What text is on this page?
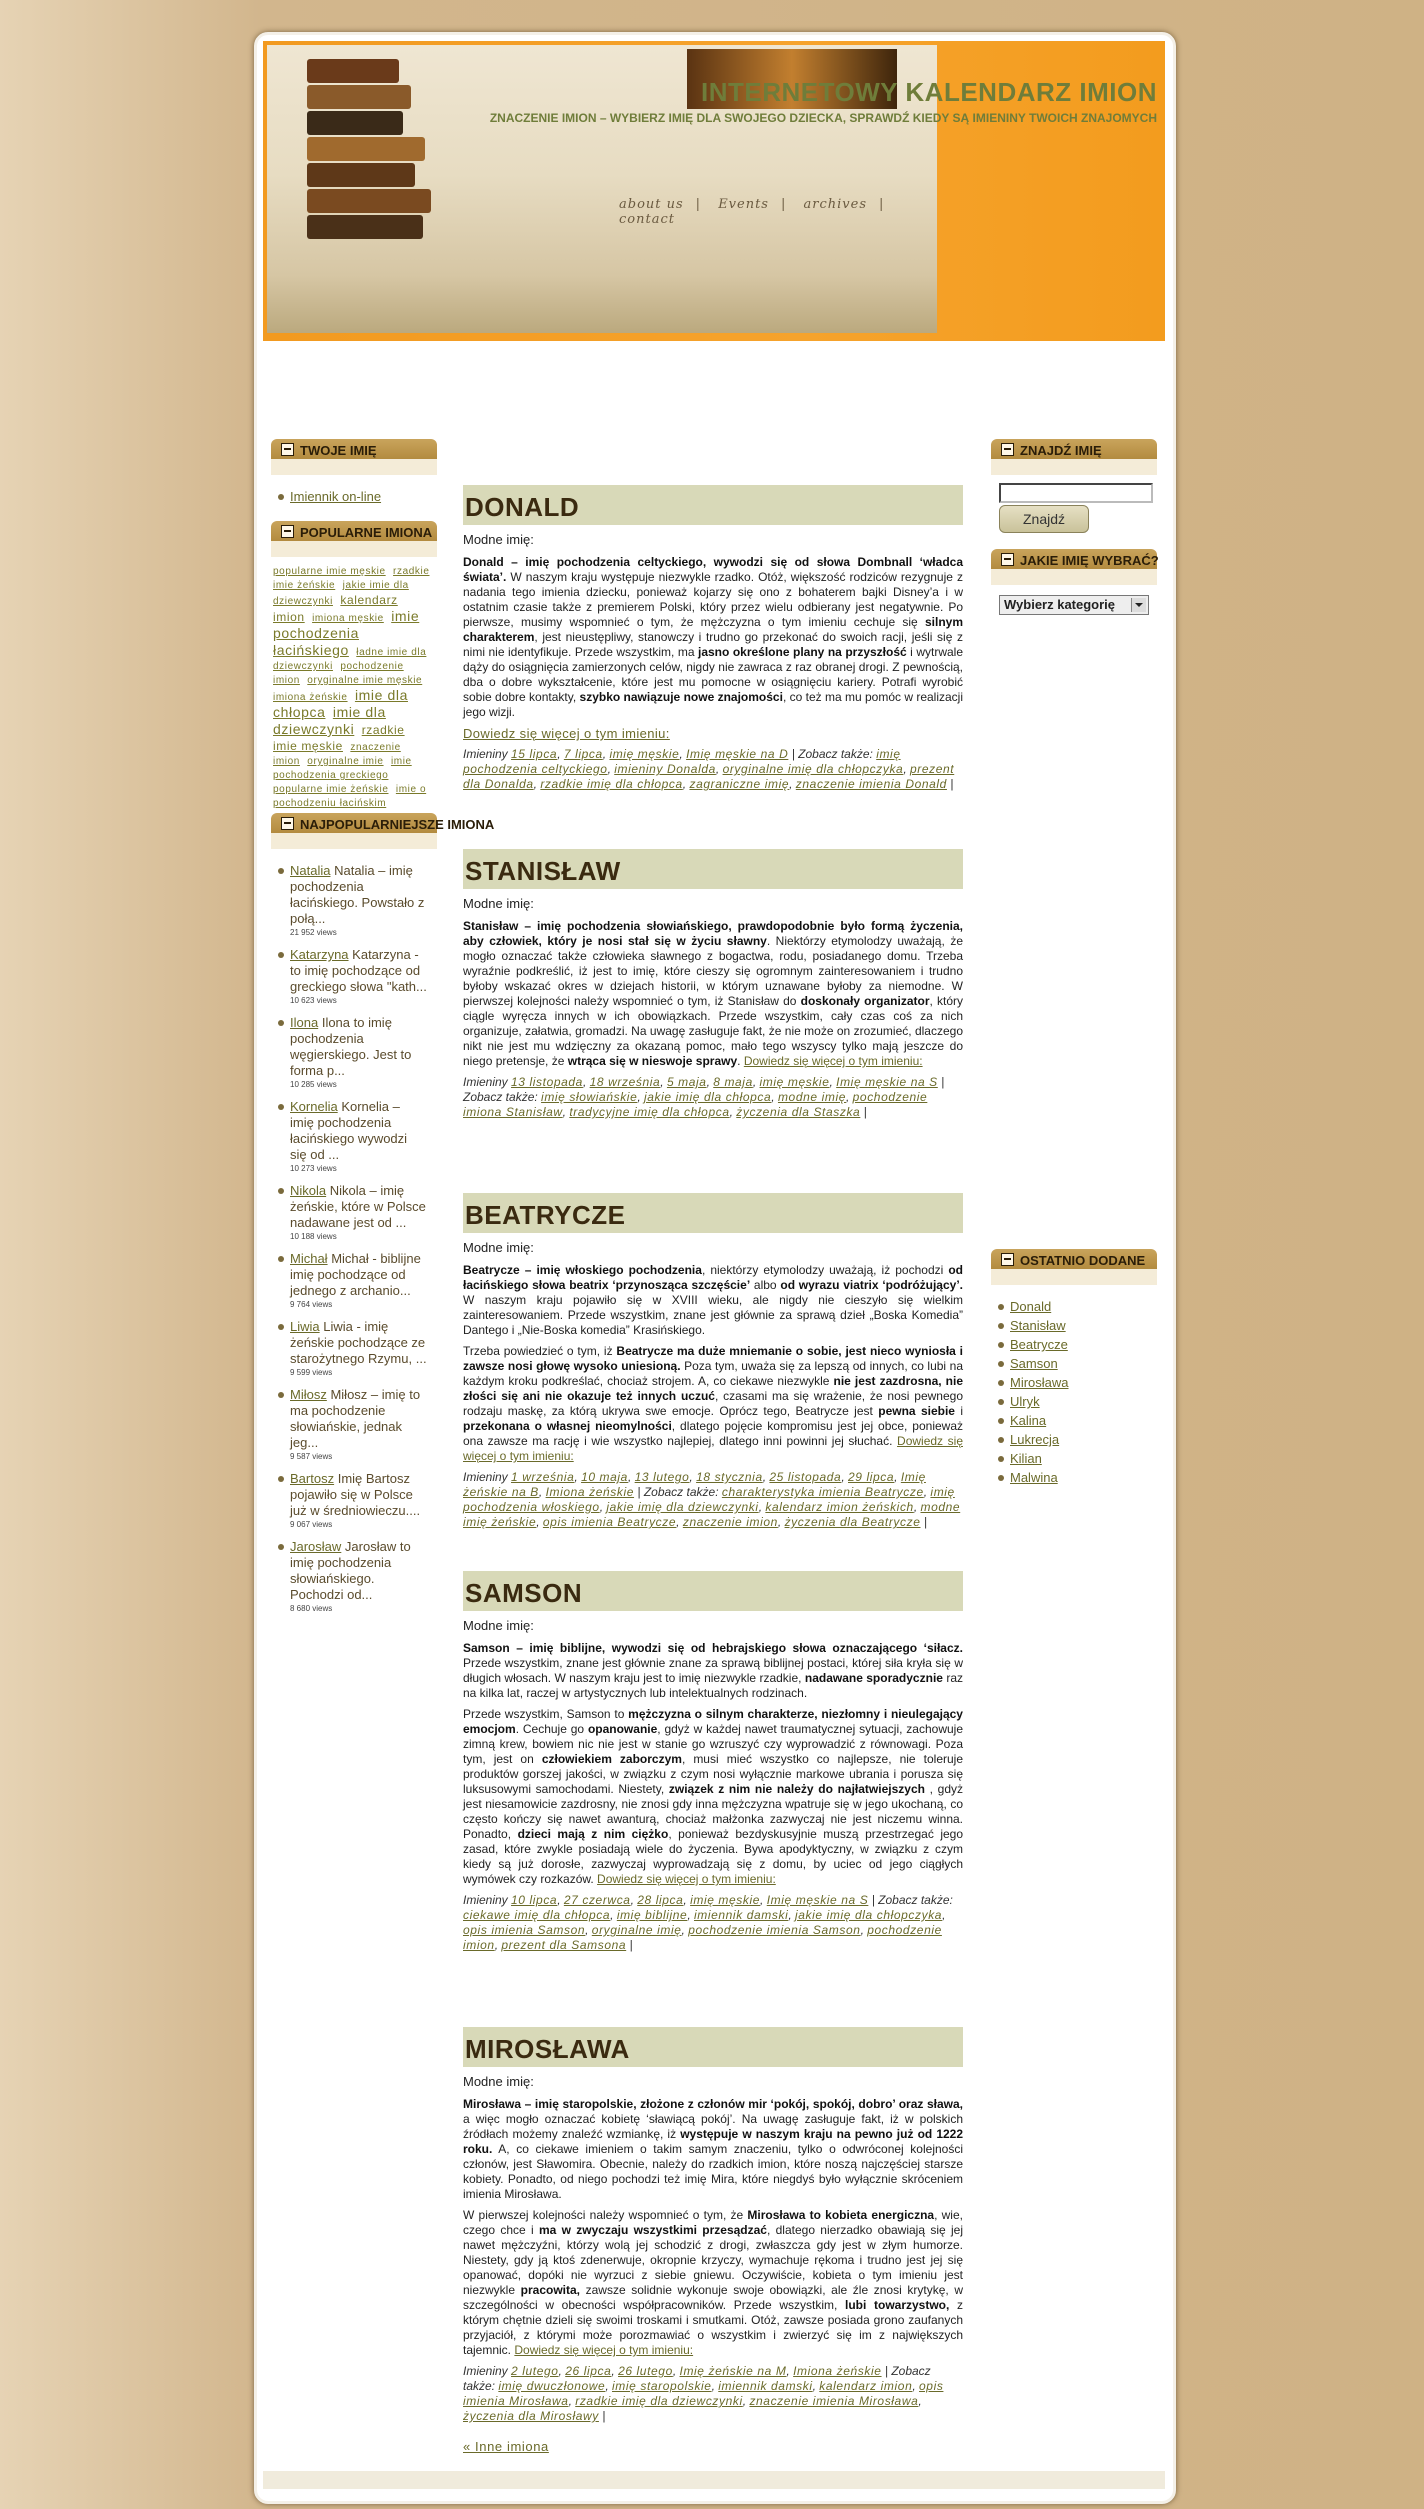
about us | Events | archives | contact
INTERNETOWY KALENDARZ IMION
ZNACZENIE IMION – WYBIERZ IMIĘ DLA SWOJEGO DZIECKA, SPRAWDŹ KIEDY SĄ IMIENINY TWOICH ZNAJOMYCH
TWOJE IMIĘ
Imiennik on-line
POPULARNE IMIONA
popularne imie męskie rzadkie imie żeńskie jakie imie dla dziewczynki kalendarz imion imiona męskie imie pochodzenia łacińskiego ładne imie dla dziewczynki pochodzenie imion oryginalne imie męskie imiona żeńskie imie dla chłopca imie dla dziewczynki rzadkie imie męskie znaczenie imion oryginalne imie imie pochodzenia greckiego popularne imie żeńskie imie o pochodzeniu łacińskim
NAJPOPULARNIEJSZE IMIONA
Natalia Natalia – imię pochodzenia łacińskiego. Powstało z połą...
21 952 views
Katarzyna Katarzyna - to imię pochodzące od greckiego słowa "kath...
10 623 views
Ilona Ilona to imię pochodzenia węgierskiego. Jest to forma p...
10 285 views
Kornelia Kornelia – imię pochodzenia łacińskiego wywodzi się od ...
10 273 views
Nikola Nikola – imię żeńskie, które w Polsce nadawane jest od ...
10 188 views
Michał Michał - biblijne imię pochodzące od jednego z archanio...
9 764 views
Liwia Liwia - imię żeńskie pochodzące ze starożytnego Rzymu, ...
9 599 views
Miłosz Miłosz – imię to ma pochodzenie słowiańskie, jednak jeg...
9 587 views
Bartosz Imię Bartosz pojawiło się w Polsce już w średniowieczu....
9 067 views
Jarosław Jarosław to imię pochodzenia słowiańskiego. Pochodzi od...
8 680 views
DONALD
Modne imię:

Donald – imię pochodzenia celtyckiego, wywodzi się od słowa Dombnall ‘władca świata’. W naszym kraju występuje niezwykle rzadko. Otóż, większość rodziców rezygnuje z nadania tego imienia dziecku, ponieważ kojarzy się ono z bohaterem bajki Disney’a i w ostatnim czasie także z premierem Polski, który przez wielu odbierany jest negatywnie. Po pierwsze, musimy wspomnieć o tym, że mężczyzna o tym imieniu cechuje się silnym charakterem, jest nieustępliwy, stanowczy i trudno go przekonać do swoich racji, jeśli się z nimi nie identyfikuje. Przede wszystkim, ma jasno określone plany na przyszłość i wytrwale dąży do osiągnięcia zamierzonych celów, nigdy nie zawraca z raz obranej drogi. Z pewnością, dba o dobre wykształcenie, które jest mu pomocne w osiągnięciu kariery. Potrafi wyrobić sobie dobre kontakty, szybko nawiązuje nowe znajomości, co też ma mu pomóc w realizacji jego wizji.

Dowiedz się więcej o tym imieniu:
Imieniny 15 lipca, 7 lipca, imię męskie, Imię męskie na D | Zobacz także: imię pochodzenia celtyckiego, imieniny Donalda, oryginalne imię dla chłopczyka, prezent dla Donalda, rzadkie imię dla chłopca, zagraniczne imię, znaczenie imienia Donald |
STANISŁAW
Modne imię:

Stanisław – imię pochodzenia słowiańskiego, prawdopodobnie było formą życzenia, aby człowiek, który je nosi stał się w życiu sławny. Niektórzy etymolodzy uważają, że mogło oznaczać także człowieka sławnego z bogactwa, rodu, posiadanego domu. Trzeba wyraźnie podkreślić, iż jest to imię, które cieszy się ogromnym zainteresowaniem i trudno byłoby wskazać okres w dziejach historii, w którym uznawane byłoby za niemodne. W pierwszej kolejności należy wspomnieć o tym, iż Stanisław do doskonały organizator, który ciągle wyręcza innych w ich obowiązkach. Przede wszystkim, cały czas coś za nich organizuje, załatwia, gromadzi. Na uwagę zasługuje fakt, że nie może on zrozumieć, dlaczego nikt nie jest mu wdzięczny za okazaną pomoc, mało tego wszyscy tylko mają jeszcze do niego pretensje, że wtrąca się w nieswoje sprawy. Dowiedz się więcej o tym imieniu:

Imieniny 13 listopada, 18 września, 5 maja, 8 maja, imię męskie, Imię męskie na S | Zobacz także: imię słowiańskie, jakie imię dla chłopca, modne imię, pochodzenie imiona Stanisław, tradycyjne imię dla chłopca, życzenia dla Staszka |
BEATRYCZE
Modne imię:

Beatrycze – imię włoskiego pochodzenia, niektórzy etymolodzy uważają, iż pochodzi od łacińskiego słowa beatrix ‘przynosząca szczęście’ albo od wyrazu viatrix ‘podróżujący’. W naszym kraju pojawiło się w XVIII wieku, ale nigdy nie cieszyło się wielkim zainteresowaniem. Przede wszystkim, znane jest głównie za sprawą dzieł „Boska Komedia” Dantego i „Nie-Boska komedia” Krasińskiego.

Trzeba powiedzieć o tym, iż Beatrycze ma duże mniemanie o sobie, jest nieco wyniosła i zawsze nosi głowę wysoko uniesioną. Poza tym, uważa się za lepszą od innych, co lubi na każdym kroku podkreślać, chociaż strojem. A, co ciekawe niezwykle nie jest zazdrosna, nie złości się ani nie okazuje też innych uczuć, czasami ma się wrażenie, że nosi pewnego rodzaju maskę, za którą ukrywa swe emocje. Oprócz tego, Beatrycze jest pewna siebie i przekonana o własnej nieomylności, dlatego pojęcie kompromisu jest jej obce, ponieważ ona zawsze ma rację i wie wszystko najlepiej, dlatego inni powinni jej słuchać. Dowiedz się więcej o tym imieniu:

Imieniny 1 września, 10 maja, 13 lutego, 18 stycznia, 25 listopada, 29 lipca, Imię żeńskie na B, Imiona żeńskie | Zobacz także: charakterystyka imienia Beatrycze, imię pochodzenia włoskiego, jakie imię dla dziewczynki, kalendarz imion żeńskich, modne imię żeńskie, opis imienia Beatrycze, znaczenie imion, życzenia dla Beatrycze |
SAMSON
Modne imię:

Samson – imię biblijne, wywodzi się od hebrajskiego słowa oznaczającego ‘siłacz. Przede wszystkim, znane jest głównie znane za sprawą biblijnej postaci, której siła kryła się w długich włosach. W naszym kraju jest to imię niezwykle rzadkie, nadawane sporadycznie raz na kilka lat, raczej w artystycznych lub intelektualnych rodzinach.

Przede wszystkim, Samson to mężczyzna o silnym charakterze, niezłomny i nieulegający emocjom. Cechuje go opanowanie, gdyż w każdej nawet traumatycznej sytuacji, zachowuje zimną krew, bowiem nic nie jest w stanie go wzruszyć czy wyprowadzić z równowagi. Poza tym, jest on człowiekiem zaborczym, musi mieć wszystko co najlepsze, nie toleruje produktów gorszej jakości, w związku z czym nosi wyłącznie markowe ubrania i porusza się luksusowymi samochodami. Niestety, związek z nim nie należy do najłatwiejszych , gdyż jest niesamowicie zazdrosny, nie znosi gdy inna mężczyzna wpatruje się w jego ukochaną, co często kończy się nawet awanturą, chociaż małżonka zazwyczaj nie jest niczemu winna. Ponadto, dzieci mają z nim ciężko, ponieważ bezdyskusyjnie muszą przestrzegać jego zasad, które zwykle posiadają wiele do życzenia. Bywa apodyktyczny, w związku z czym kiedy są już dorosłe, zazwyczaj wyprowadzają się z domu, by uciec od jego ciągłych wymówek czy rozkazów. Dowiedz się więcej o tym imieniu:

Imieniny 10 lipca, 27 czerwca, 28 lipca, imię męskie, Imię męskie na S | Zobacz także: ciekawe imię dla chłopca, imię biblijne, imiennik damski, jakie imię dla chłopczyka, opis imienia Samson, oryginalne imię, pochodzenie imienia Samson, pochodzenie imion, prezent dla Samsona |
MIROSŁAWA
Modne imię:

Mirosława – imię staropolskie, złożone z członów mir ‘pokój, spokój, dobro’ oraz sława, a więc mogło oznaczać kobietę ‘sławiącą pokój’. Na uwagę zasługuje fakt, iż w polskich źródłach możemy znaleźć wzmiankę, iż występuje w naszym kraju na pewno już od 1222 roku. A, co ciekawe imieniem o takim samym znaczeniu, tylko o odwróconej kolejności członów, jest Sławomira. Obecnie, należy do rzadkich imion, które noszą najczęściej starsze kobiety. Ponadto, od niego pochodzi też imię Mira, które niegdyś było wyłącznie skróceniem imienia Mirosława.

W pierwszej kolejności należy wspomnieć o tym, że Mirosława to kobieta energiczna, wie, czego chce i ma w zwyczaju wszystkimi przesądzać, dlatego nierzadko obawiają się jej nawet mężczyźni, którzy wolą jej schodzić z drogi, zwłaszcza gdy jest w złym humorze. Niestety, gdy ją ktoś zdenerwuje, okropnie krzyczy, wymachuje rękoma i trudno jest jej się opanować, dopóki nie wyrzuci z siebie gniewu. Oczywiście, kobieta o tym imieniu jest niezwykle pracowita, zawsze solidnie wykonuje swoje obowiązki, ale źle znosi krytykę, w szczególności w obecności współpracowników. Przede wszystkim, lubi towarzystwo, z którym chętnie dzieli się swoimi troskami i smutkami. Otóż, zawsze posiada grono zaufanych przyjaciół, z którymi może porozmawiać o wszystkim i zwierzyć się im z największych tajemnic. Dowiedz się więcej o tym imieniu:

Imieniny 2 lutego, 26 lipca, 26 lutego, Imię żeńskie na M, Imiona żeńskie | Zobacz także: imię dwuczłonowe, imię staropolskie, imiennik damski, kalendarz imion, opis imienia Mirosława, rzadkie imię dla dziewczynki, znaczenie imienia Mirosława, życzenia dla Mirosławy |
« Inne imiona
ZNAJDŹ IMIĘ
Znajdź
JAKIE IMIĘ WYBRAĆ?
Wybierz kategorię
OSTATNIO DODANE
Donald
Stanisław
Beatrycze
Samson
Mirosława
Ulryk
Kalina
Lukrecja
Kilian
Malwina
